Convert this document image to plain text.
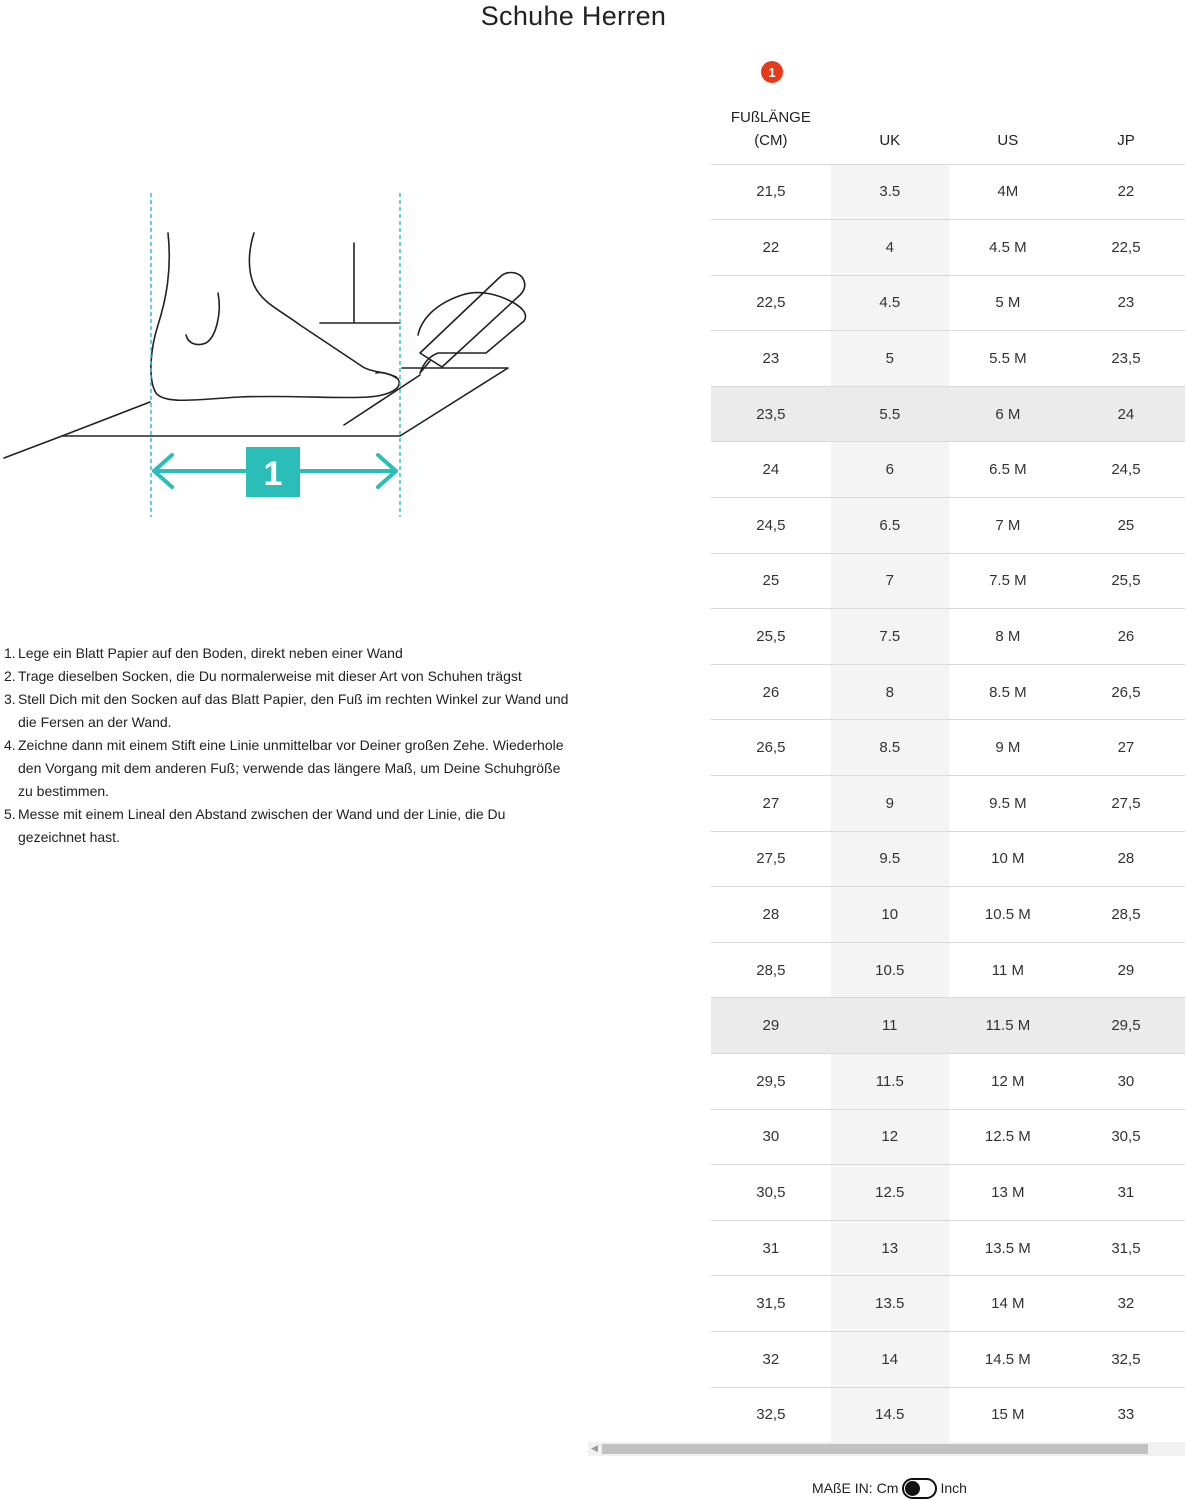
Schuhe Herren
1
1. Lege ein Blatt Papier auf den Boden, direkt neben einer Wand
2. Trage dieselben Socken, die Du normalerweise mit dieser Art von Schuhen trägst
3. Stell Dich mit den Socken auf das Blatt Papier, den Fuß im rechten Winkel zur Wand und die Fersen an der Wand.
4. Zeichne dann mit einem Stift eine Linie unmittelbar vor Deiner großen Zehe. Wiederhole den Vorgang mit dem anderen Fuß; verwende das längere Maß, um Deine Schuhgröße zu bestimmen.
5. Messe mit einem Lineal den Abstand zwischen der Wand und der Linie, die Du gezeichnet hast.
1
FUßLÄNGE
(CM)	UK	US	JP
21,5	3.5	4M	22
22	4	4.5 M	22,5
22,5	4.5	5 M	23
23	5	5.5 M	23,5
23,5	5.5	6 M	24
24	6	6.5 M	24,5
24,5	6.5	7 M	25
25	7	7.5 M	25,5
25,5	7.5	8 M	26
26	8	8.5 M	26,5
26,5	8.5	9 M	27
27	9	9.5 M	27,5
27,5	9.5	10 M	28
28	10	10.5 M	28,5
28,5	10.5	11 M	29
29	11	11.5 M	29,5
29,5	11.5	12 M	30
30	12	12.5 M	30,5
30,5	12.5	13 M	31
31	13	13.5 M	31,5
31,5	13.5	14 M	32
32	14	14.5 M	32,5
32,5	14.5	15 M	33
◀
MAßE IN: Cm	Inch
